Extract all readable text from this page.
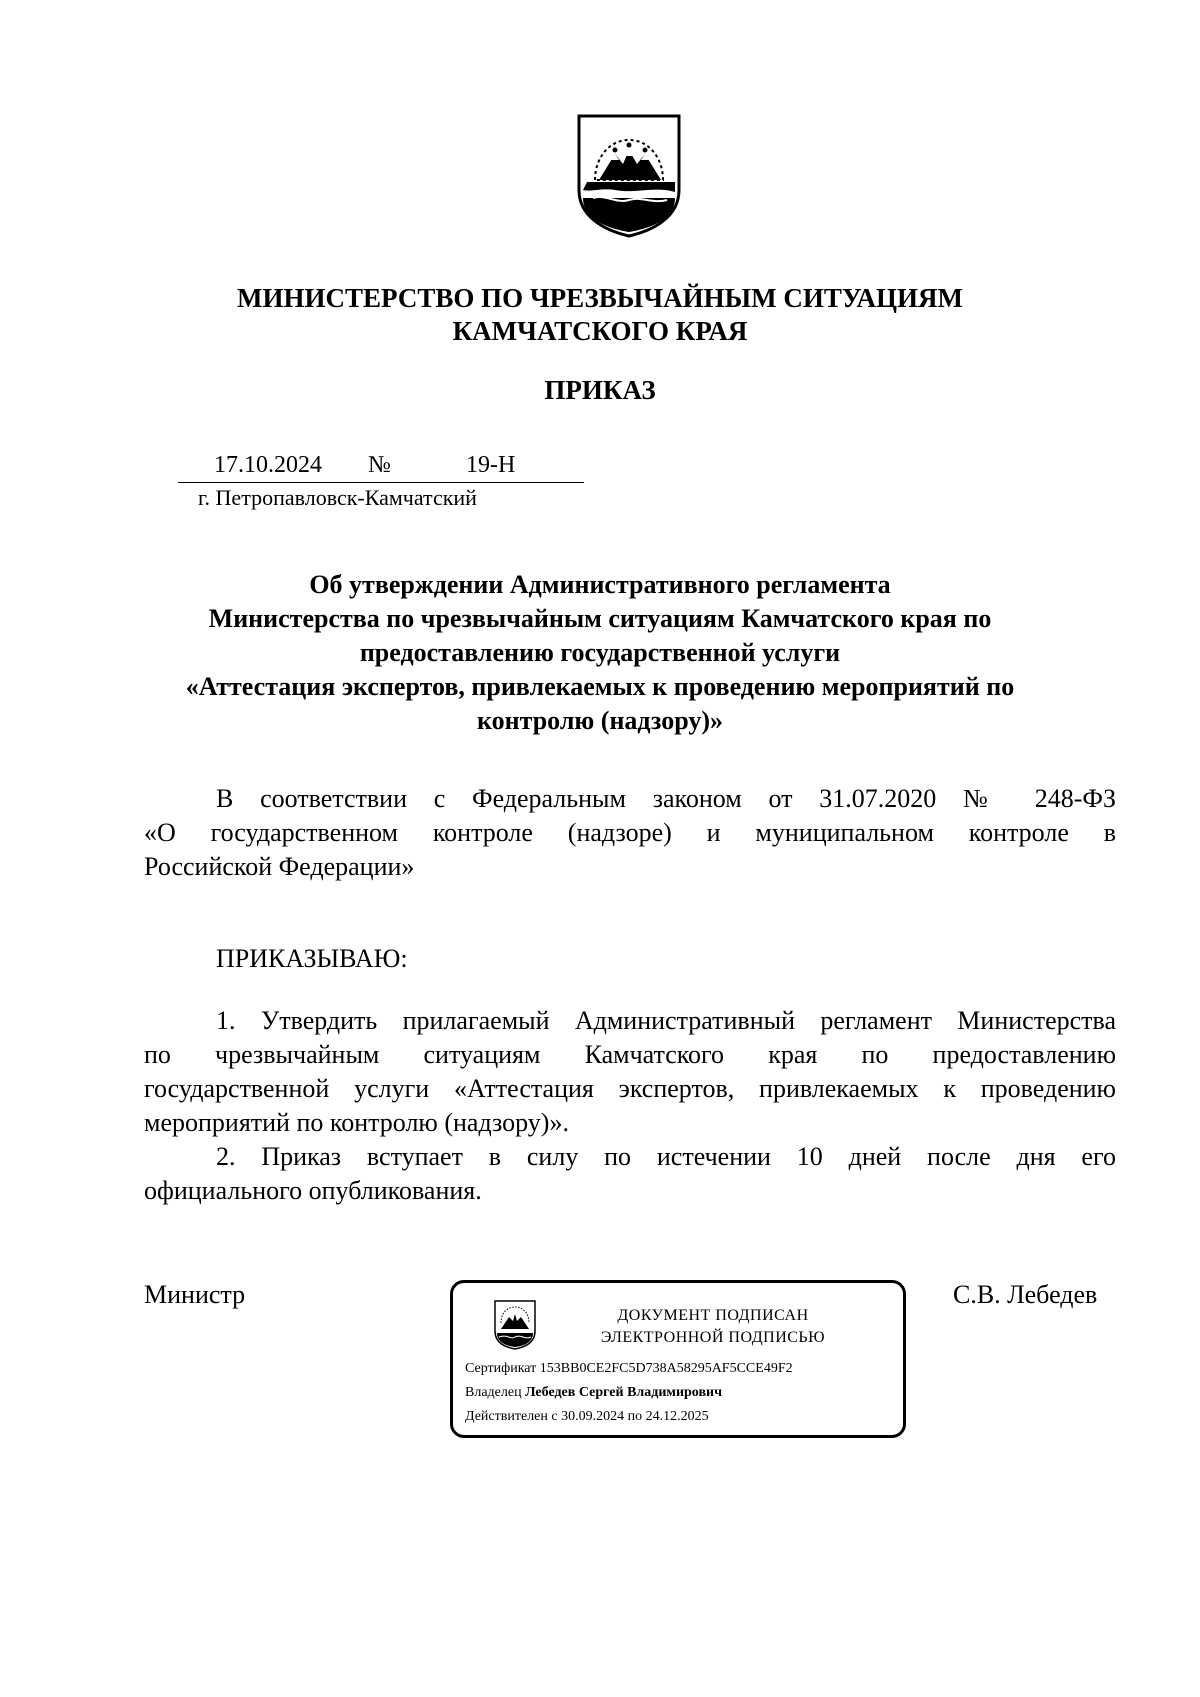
МИНИСТЕРСТВО ПО ЧРЕЗВЫЧАЙНЫМ СИТУАЦИЯМ
КАМЧАТСКОГО КРАЯ
ПРИКАЗ
17.10.2024 №	19-Н
г. Петропавловск-Камчатский
Об утверждении Административного регламента
Министерства по чрезвычайным ситуациям Камчатского края по
предоставлению государственной услуги
«Аттестация экспертов, привлекаемых к проведению мероприятий по
контролю (надзору)»
В соответствии с Федеральным законом от 31.07.2020 № 248-ФЗ
«О государственном контроле (надзоре) и муниципальном контроле в
Российской Федерации»
ПРИКАЗЫВАЮ:
1. Утвердить прилагаемый Административный регламент Министерства
по чрезвычайным ситуациям Камчатского края по предоставлению
государственной услуги «Аттестация экспертов, привлекаемых к проведению
мероприятий по контролю (надзору)».
2. Приказ вступает в силу по истечении 10 дней после дня его
официального опубликования.
Министр	С.В. Лебедев
ДОКУМЕНТ ПОДПИСАН
ЭЛЕКТРОННОЙ ПОДПИСЬЮ
Сертификат 153BB0CE2FC5D738A58295AF5CCE49F2
Владелец Лебедев Сергей Владимирович
Действителен с 30.09.2024 по 24.12.2025
